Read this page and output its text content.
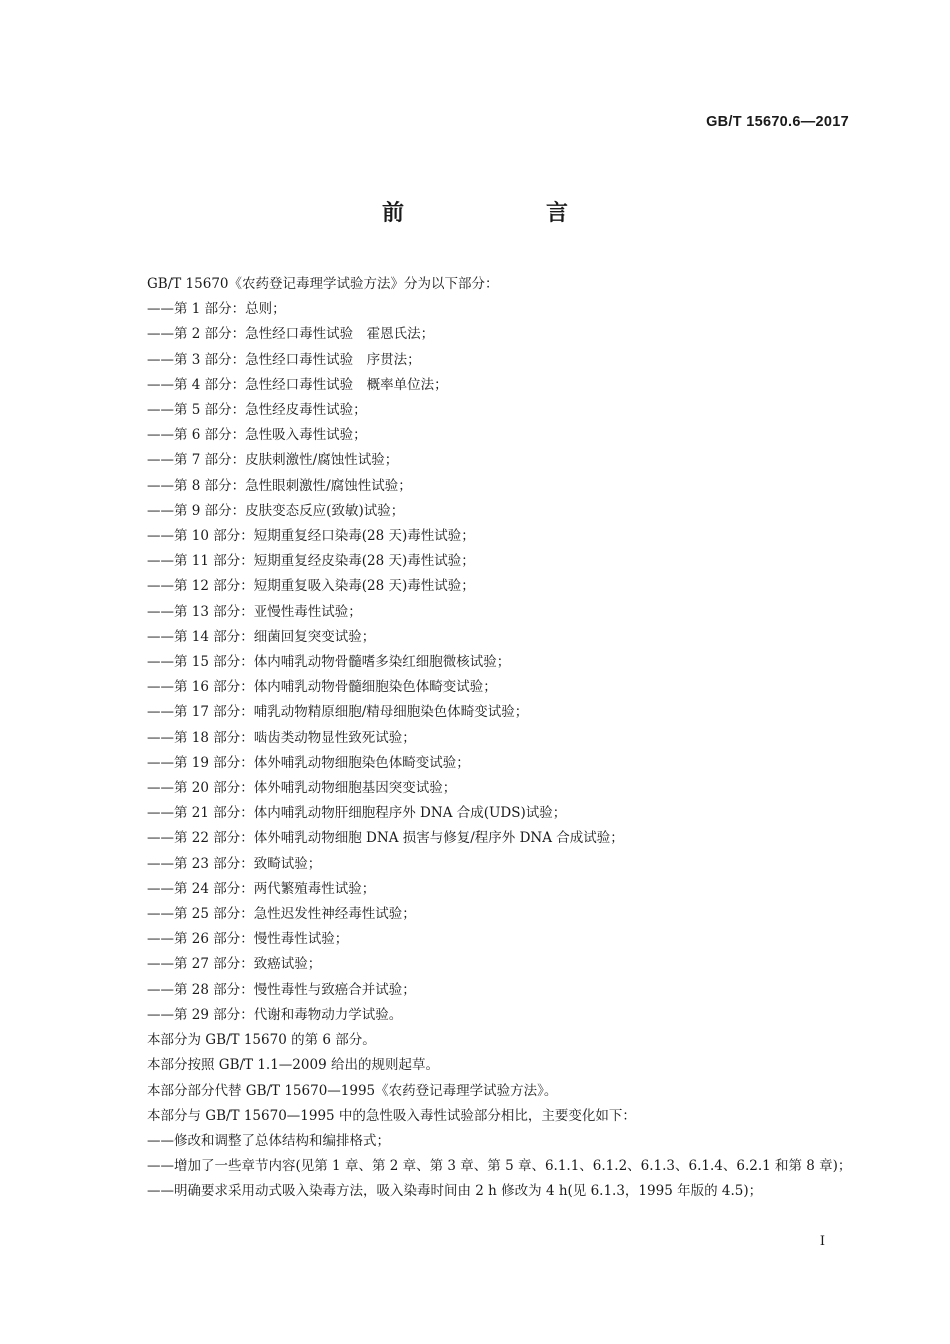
GB/T 15670.6—2017

前　言

GB/T 15670《农药登记毒理学试验方法》分为以下部分：

——第 1 部分：总则；

——第 2 部分：急性经口毒性试验　霍恩氏法；

——第 3 部分：急性经口毒性试验　序贯法；

——第 4 部分：急性经口毒性试验　概率单位法；

——第 5 部分：急性经皮毒性试验；

——第 6 部分：急性吸入毒性试验；

——第 7 部分：皮肤刺激性/腐蚀性试验；

——第 8 部分：急性眼刺激性/腐蚀性试验；

——第 9 部分：皮肤变态反应(致敏)试验；

——第 10 部分：短期重复经口染毒(28 天)毒性试验；

——第 11 部分：短期重复经皮染毒(28 天)毒性试验；

——第 12 部分：短期重复吸入染毒(28 天)毒性试验；

——第 13 部分：亚慢性毒性试验；

——第 14 部分：细菌回复突变试验；

——第 15 部分：体内哺乳动物骨髓嗜多染红细胞微核试验；

——第 16 部分：体内哺乳动物骨髓细胞染色体畸变试验；

——第 17 部分：哺乳动物精原细胞/精母细胞染色体畸变试验；

——第 18 部分：啮齿类动物显性致死试验；

——第 19 部分：体外哺乳动物细胞染色体畸变试验；

——第 20 部分：体外哺乳动物细胞基因突变试验；

——第 21 部分：体内哺乳动物肝细胞程序外 DNA 合成(UDS)试验；

——第 22 部分：体外哺乳动物细胞 DNA 损害与修复/程序外 DNA 合成试验；

——第 23 部分：致畸试验；

——第 24 部分：两代繁殖毒性试验；

——第 25 部分：急性迟发性神经毒性试验；

——第 26 部分：慢性毒性试验；

——第 27 部分：致癌试验；

——第 28 部分：慢性毒性与致癌合并试验；

——第 29 部分：代谢和毒物动力学试验。

本部分为 GB/T 15670 的第 6 部分。

本部分按照 GB/T 1.1—2009 给出的规则起草。

本部分部分代替 GB/T 15670—1995《农药登记毒理学试验方法》。

本部分与 GB/T 15670—1995 中的急性吸入毒性试验部分相比，主要变化如下：

——修改和调整了总体结构和编排格式；

——增加了一些章节内容(见第 1 章、第 2 章、第 3 章、第 5 章、6.1.1、6.1.2、6.1.3、6.1.4、6.2.1 和第 8 章)；

——明确要求采用动式吸入染毒方法，吸入染毒时间由 2 h 修改为 4 h(见 6.1.3，1995 年版的 4.5)；

I
